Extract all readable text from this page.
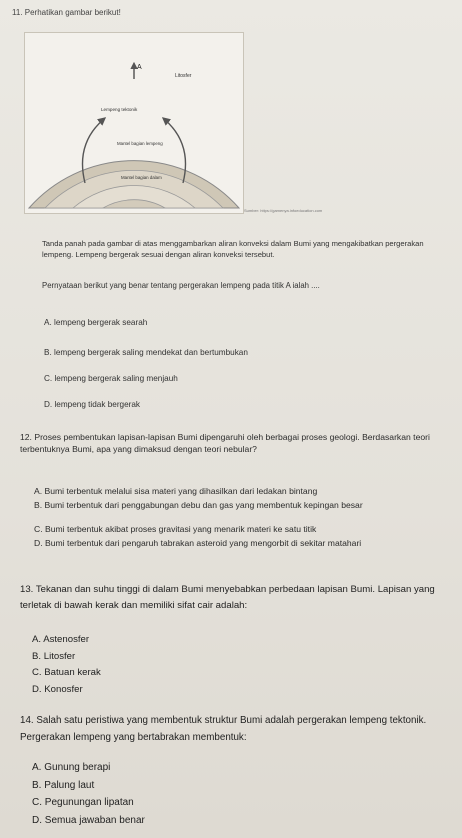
11. Perhatikan gambar berikut!
A
Litosfer
Lempeng tektonik
Mantel bagian lempeng
Mantel bagian dalam
Sumber: https://gamenya.infoeducation.com
Tanda panah pada gambar di atas menggambarkan aliran konveksi dalam Bumi yang mengakibatkan pergerakan lempeng. Lempeng bergerak sesuai dengan aliran konveksi tersebut.
Pernyataan berikut yang benar tentang pergerakan lempeng pada titik A ialah ....
A. lempeng bergerak searah
B. lempeng bergerak saling mendekat dan bertumbukan
C. lempeng bergerak saling menjauh
D. lempeng tidak bergerak
12. Proses pembentukan lapisan-lapisan Bumi dipengaruhi oleh berbagai proses geologi. Berdasarkan teori terbentuknya Bumi, apa yang dimaksud dengan teori nebular?
A. Bumi terbentuk melalui sisa materi yang dihasilkan dari ledakan bintang
B. Bumi terbentuk dari penggabungan debu dan gas yang membentuk kepingan besar
C. Bumi terbentuk akibat proses gravitasi yang menarik materi ke satu titik
D. Bumi terbentuk dari pengaruh tabrakan asteroid yang mengorbit di sekitar matahari
13. Tekanan dan suhu tinggi di dalam Bumi menyebabkan perbedaan lapisan Bumi. Lapisan yang terletak di bawah kerak dan memiliki sifat cair adalah:
A. Astenosfer
B. Litosfer
C. Batuan kerak
D. Konosfer
14. Salah satu peristiwa yang membentuk struktur Bumi adalah pergerakan lempeng tektonik. Pergerakan lempeng yang bertabrakan membentuk:
A. Gunung berapi
B. Palung laut
C. Pegunungan lipatan
D. Semua jawaban benar
